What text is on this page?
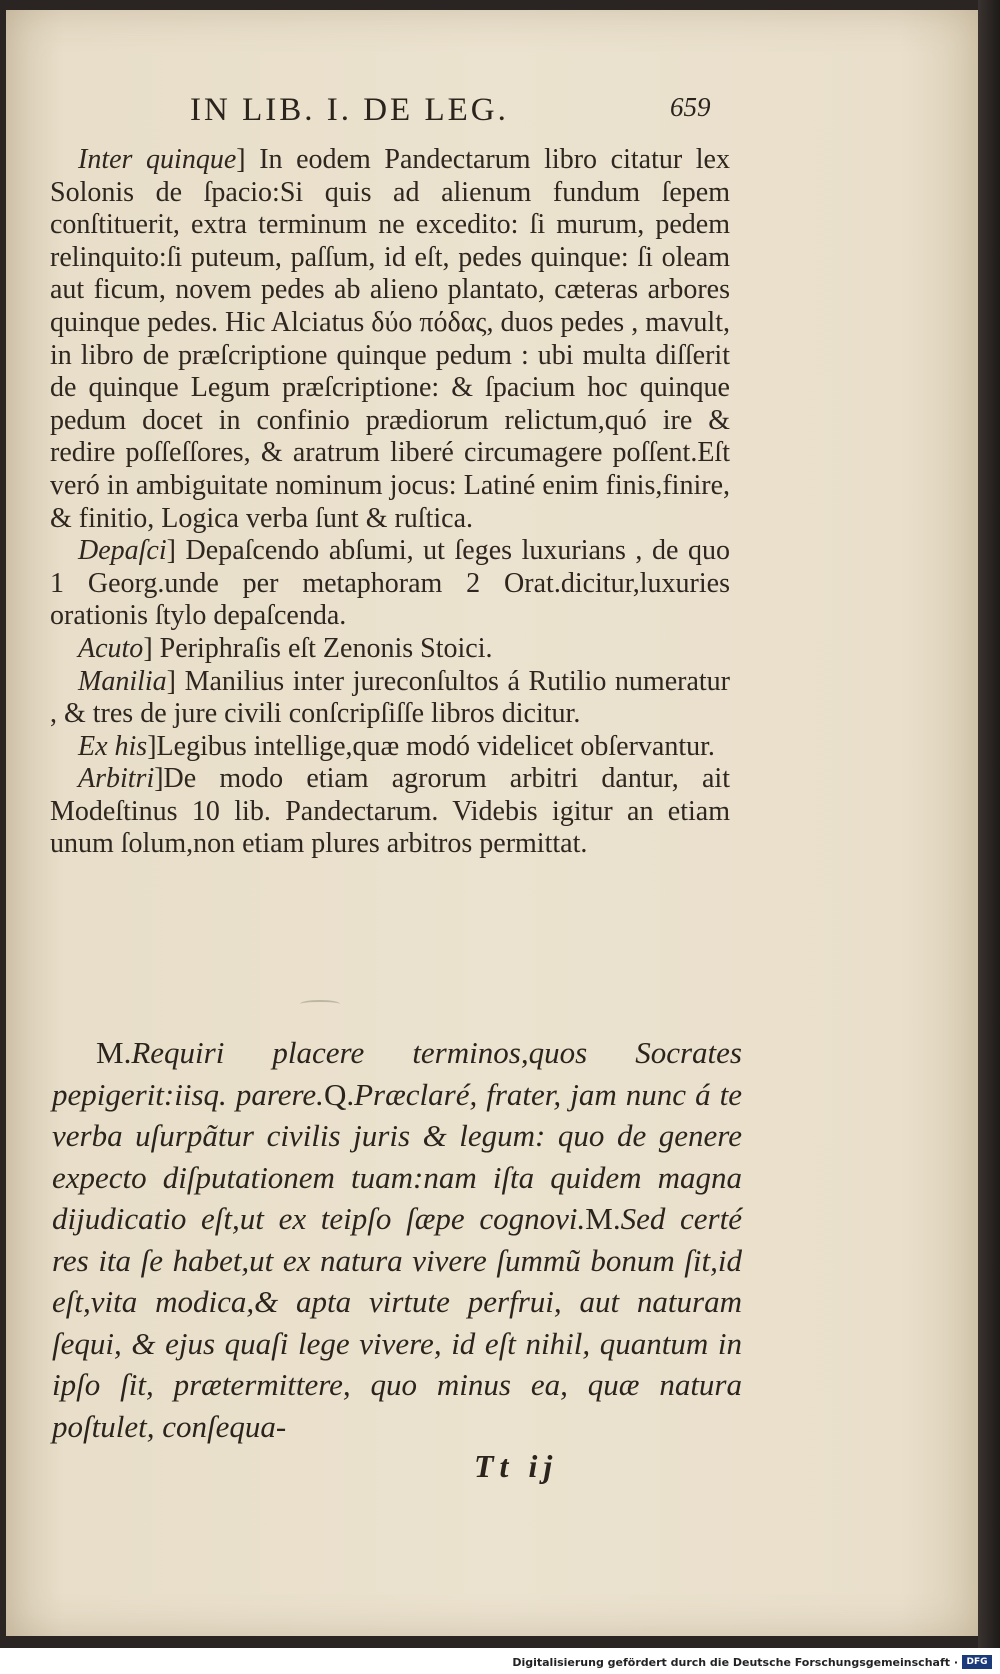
IN LIB. I. DE LEG.	659

Inter quinque] In eodem Pandectarum libro citatur lex Solonis de ſpacio:Si quis ad alienum fundum ſepem conſtituerit, extra terminum ne excedito: ſi murum, pedem relinquito:ſi puteum, paſſum, id eſt, pedes quinque: ſi oleam aut ficum, novem pedes ab alieno plantato, cæteras arbores quinque pedes. Hic Alciatus δύο πόδας, duos pedes , mavult, in libro de præſcriptione quinque pedum : ubi multa diſſerit de quinque Legum præſcriptione: & ſpacium hoc quinque pedum docet in confinio prædiorum relictum,quó ire & redire poſſeſſores, & aratrum liberé circumagere poſſent.Eſt veró in ambiguitate nominum jocus: Latiné enim finis,finire, & finitio, Logica verba ſunt & ruſtica.

Depaſci] Depaſcendo abſumi, ut ſeges luxurians , de quo 1 Georg.unde per metaphoram 2 Orat.dicitur,luxuries orationis ſtylo depaſcenda.

Acuto] Periphraſis eſt Zenonis Stoici.

Manilia] Manilius inter jureconſultos á Rutilio numeratur , & tres de jure civili conſcripſiſſe libros dicitur.

Ex his]Legibus intellige,quæ modó videlicet obſervantur.

Arbitri]De modo etiam agrorum arbitri dantur, ait Modeſtinus 10 lib. Pandectarum. Videbis igitur an etiam unum ſolum,non etiam plures arbitros permittat.

M.Requiri placere terminos,quos Socrates pepigerit:iisq. parere.Q.Præclaré, frater, jam nunc á te verba uſurpãtur civilis juris & legum: quo de genere expecto diſputationem tuam:nam iſta quidem magna dijudicatio eſt,ut ex teipſo ſæpe cognovi.M.Sed certé res ita ſe habet,ut ex natura vivere ſummũ bonum ſit,id eſt,vita modica,& apta virtute perfrui, aut naturam ſequi, & ejus quaſi lege vivere, id eſt nihil, quantum in ipſo ſit, prætermittere, quo minus ea, quæ natura poſtulet, conſequa-
Tt ij
Digitalisierung gefördert durch die Deutsche Forschungsgemeinschaft · DFG
